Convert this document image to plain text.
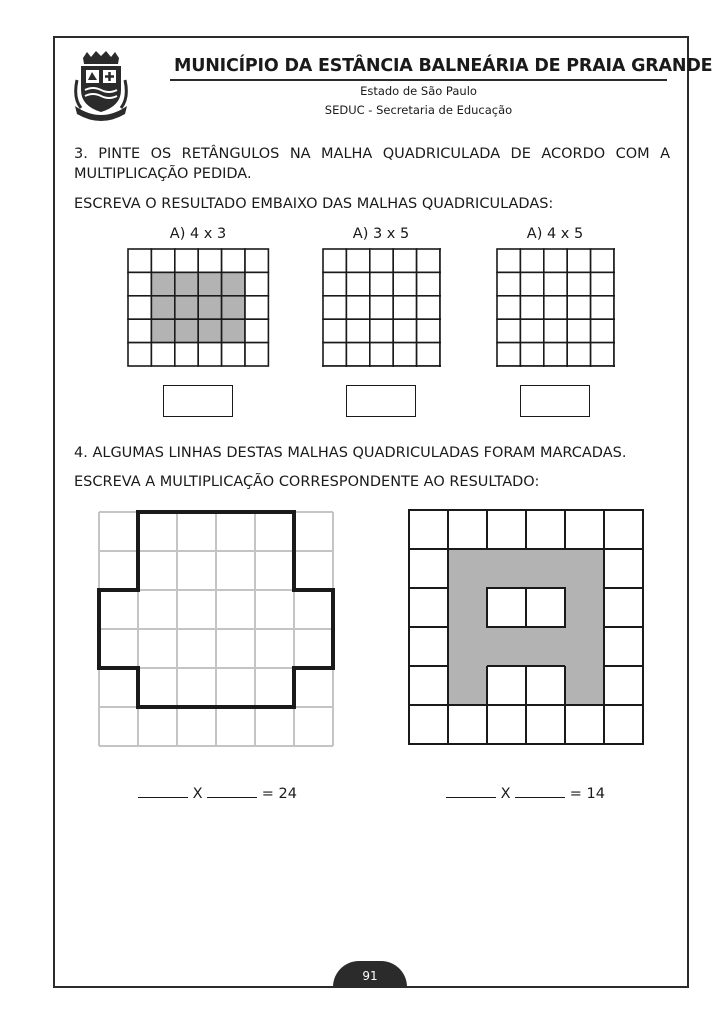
MUNICÍPIO DA ESTÂNCIA BALNEÁRIA DE PRAIA GRANDE
Estado de São Paulo
SEDUC - Secretaria de Educação
3. PINTE OS RETÂNGULOS NA MALHA QUADRICULADA DE ACORDO COM A MULTIPLICAÇÃO PEDIDA.
ESCREVA O RESULTADO EMBAIXO DAS MALHAS QUADRICULADAS:
A) 4 x 3	A) 3 x 5	A) 4 x 5
4. ALGUMAS LINHAS DESTAS MALHAS QUADRICULADAS FORAM MARCADAS.
ESCREVA A MULTIPLICAÇÃO CORRESPONDENTE AO RESULTADO:
X	= 24	X	= 14
91
